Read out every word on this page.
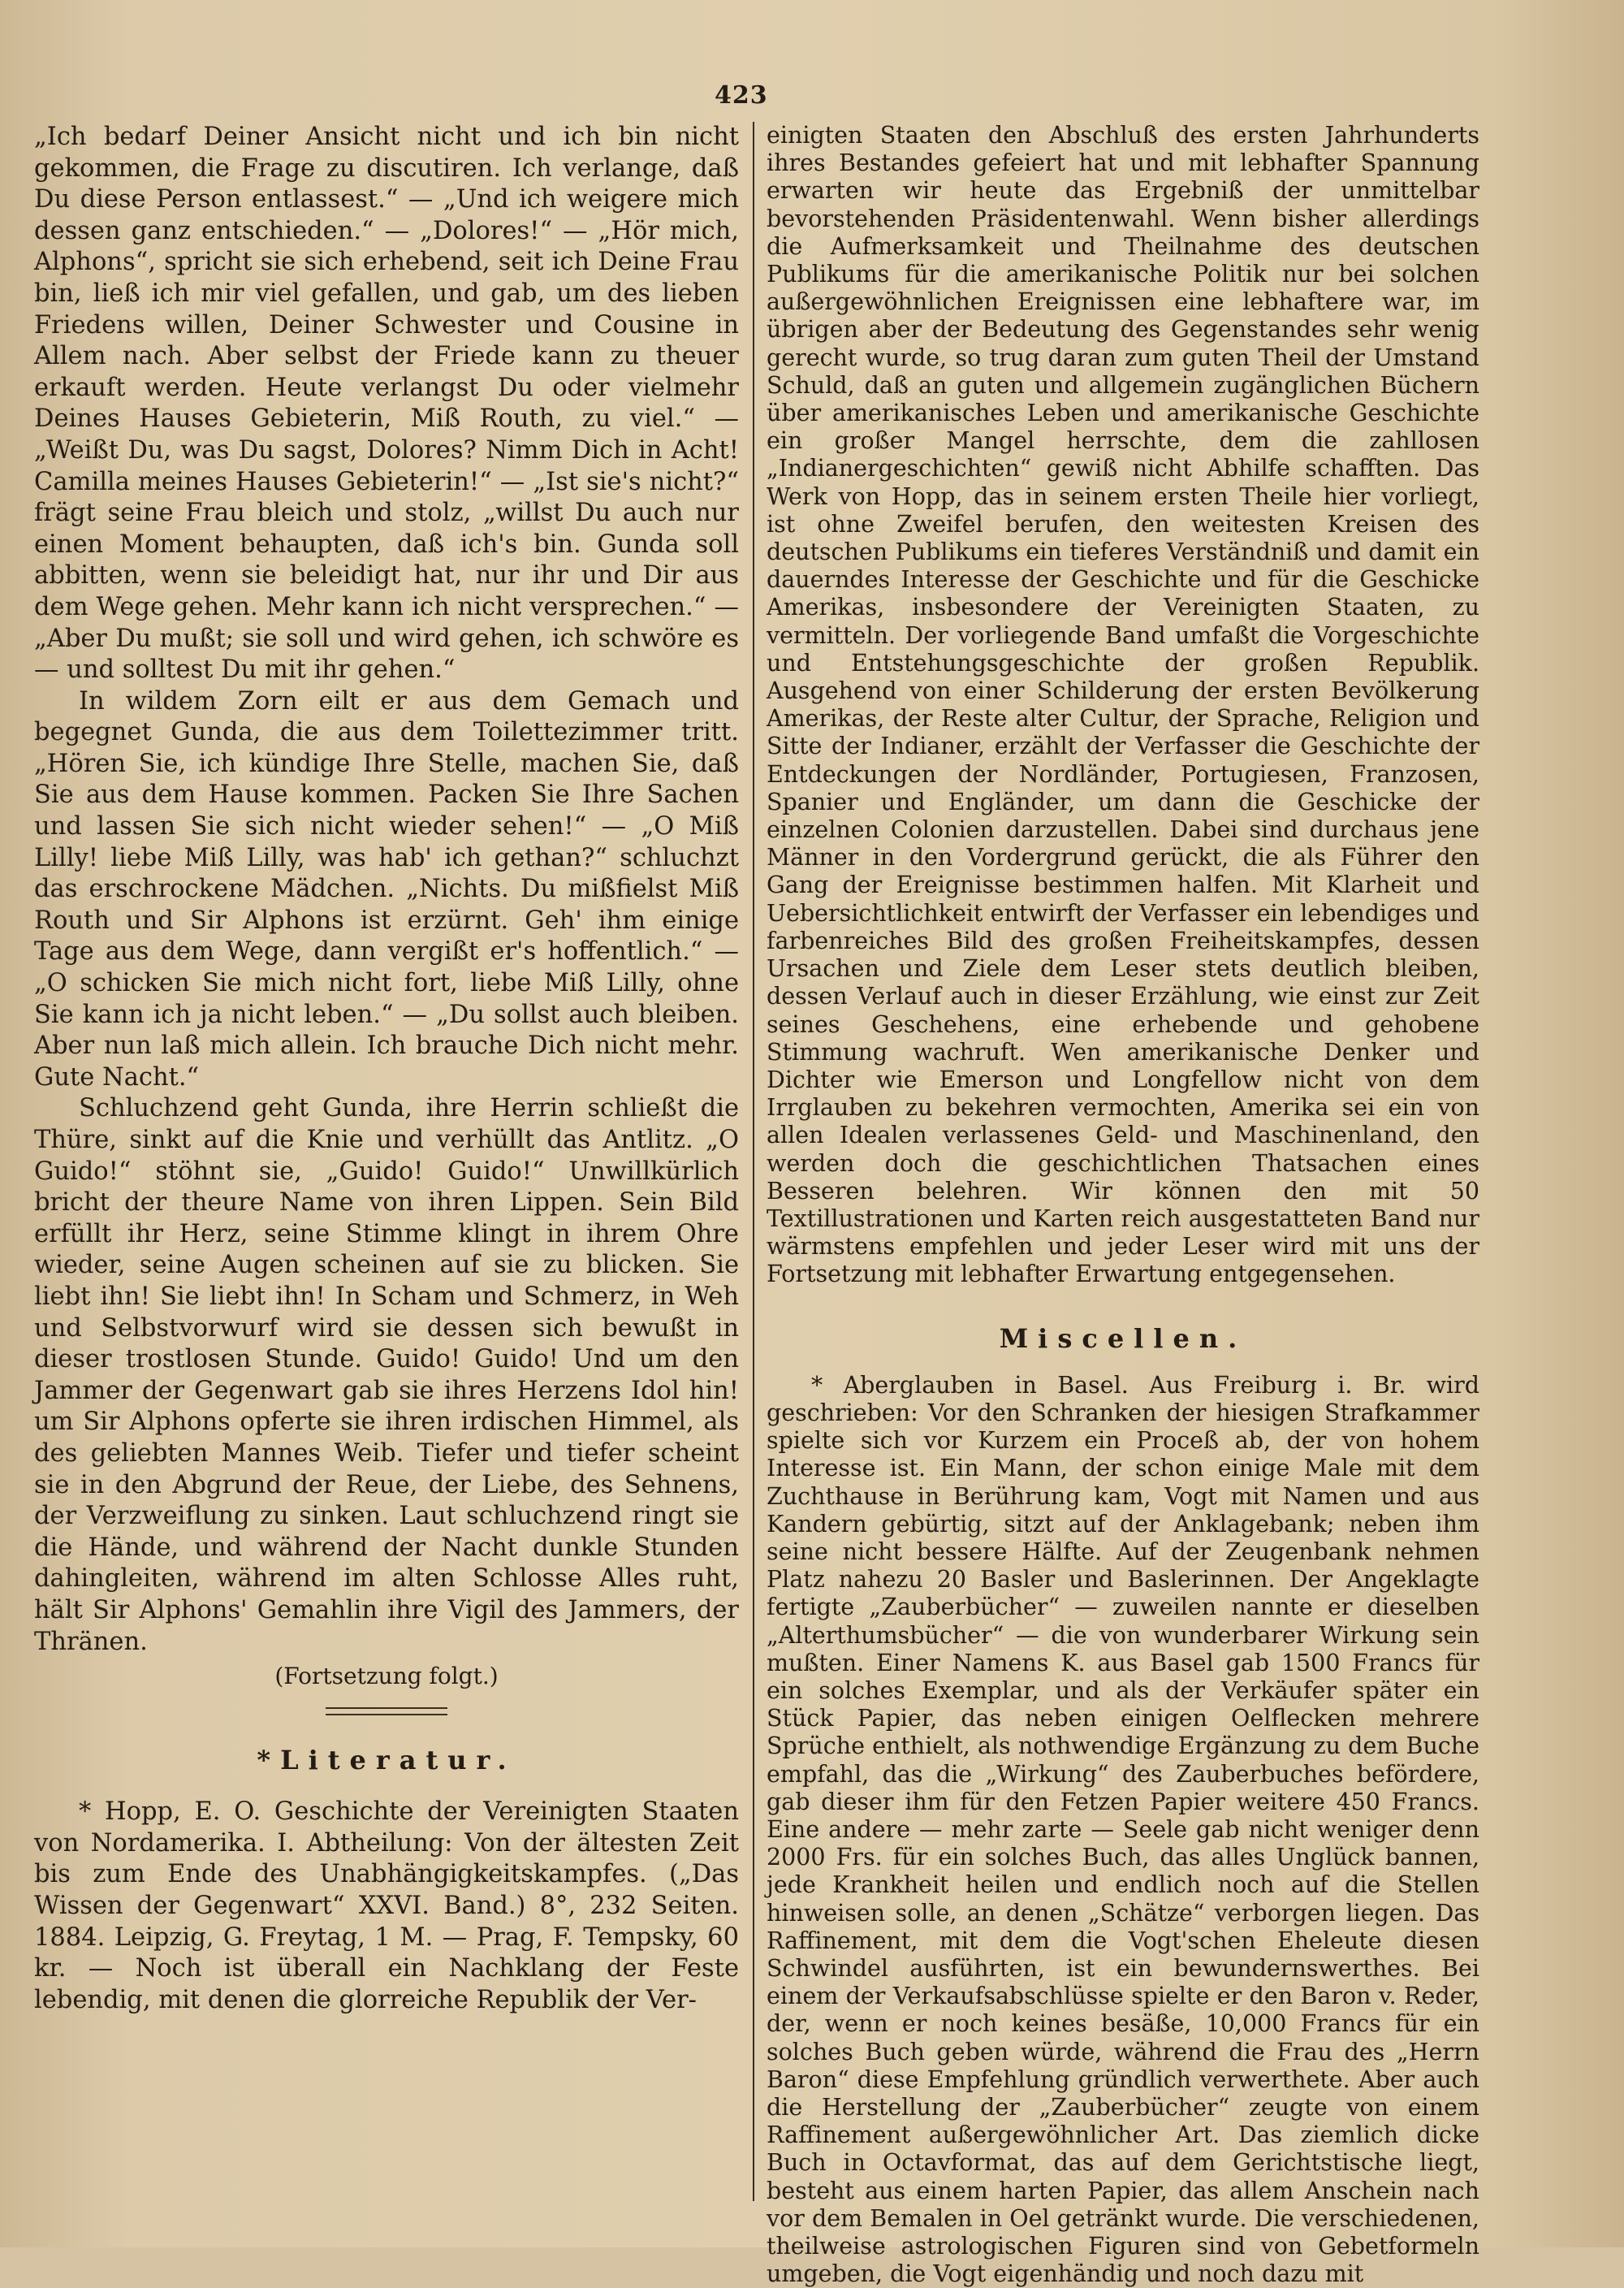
423

„Ich bedarf Deiner Ansicht nicht und ich bin nicht gekommen, die Frage zu discutiren. Ich verlange, daß Du diese Person entlassest.“ — „Und ich weigere mich dessen ganz entschieden.“ — „Dolores!“ — „Hör mich, Alphons“, spricht sie sich erhebend, seit ich Deine Frau bin, ließ ich mir viel gefallen, und gab, um des lieben Friedens willen, Deiner Schwester und Cousine in Allem nach. Aber selbst der Friede kann zu theuer erkauft werden. Heute verlangst Du oder vielmehr Deines Hauses Gebieterin, Miß Routh, zu viel.“ — „Weißt Du, was Du sagst, Dolores? Nimm Dich in Acht! Camilla meines Hauses Gebieterin!“ — „Ist sie's nicht?“ frägt seine Frau bleich und stolz, „willst Du auch nur einen Moment behaupten, daß ich's bin. Gunda soll abbitten, wenn sie beleidigt hat, nur ihr und Dir aus dem Wege gehen. Mehr kann ich nicht versprechen.“ — „Aber Du mußt; sie soll und wird gehen, ich schwöre es — und solltest Du mit ihr gehen.“

In wildem Zorn eilt er aus dem Gemach und begegnet Gunda, die aus dem Toilettezimmer tritt. „Hören Sie, ich kündige Ihre Stelle, machen Sie, daß Sie aus dem Hause kommen. Packen Sie Ihre Sachen und lassen Sie sich nicht wieder sehen!“ — „O Miß Lilly! liebe Miß Lilly, was hab' ich gethan?“ schluchzt das erschrockene Mädchen. „Nichts. Du mißfielst Miß Routh und Sir Alphons ist erzürnt. Geh' ihm einige Tage aus dem Wege, dann vergißt er's hoffentlich.“ — „O schicken Sie mich nicht fort, liebe Miß Lilly, ohne Sie kann ich ja nicht leben.“ — „Du sollst auch bleiben. Aber nun laß mich allein. Ich brauche Dich nicht mehr. Gute Nacht.“

Schluchzend geht Gunda, ihre Herrin schließt die Thüre, sinkt auf die Knie und verhüllt das Antlitz. „O Guido!“ stöhnt sie, „Guido! Guido!“ Unwillkürlich bricht der theure Name von ihren Lippen. Sein Bild erfüllt ihr Herz, seine Stimme klingt in ihrem Ohre wieder, seine Augen scheinen auf sie zu blicken. Sie liebt ihn! Sie liebt ihn! In Scham und Schmerz, in Weh und Selbstvorwurf wird sie dessen sich bewußt in dieser trostlosen Stunde. Guido! Guido! Und um den Jammer der Gegenwart gab sie ihres Herzens Idol hin! um Sir Alphons opferte sie ihren irdischen Himmel, als des geliebten Mannes Weib. Tiefer und tiefer scheint sie in den Abgrund der Reue, der Liebe, des Sehnens, der Verzweiflung zu sinken. Laut schluchzend ringt sie die Hände, und während der Nacht dunkle Stunden dahingleiten, während im alten Schlosse Alles ruht, hält Sir Alphons' Gemahlin ihre Vigil des Jammers, der Thränen.

(Fortsetzung folgt.)

*Literatur.

* Hopp, E. O. Geschichte der Vereinigten Staaten von Nordamerika. I. Abtheilung: Von der ältesten Zeit bis zum Ende des Unabhängigkeitskampfes. („Das Wissen der Gegenwart“ XXVI. Band.) 8°, 232 Seiten. 1884. Leipzig, G. Freytag, 1 M. — Prag, F. Tempsky, 60 kr. — Noch ist überall ein Nachklang der Feste lebendig, mit denen die glorreiche Republik der Ver-

einigten Staaten den Abschluß des ersten Jahrhunderts ihres Bestandes gefeiert hat und mit lebhafter Spannung erwarten wir heute das Ergebniß der unmittelbar bevorstehenden Präsidentenwahl. Wenn bisher allerdings die Aufmerksamkeit und Theilnahme des deutschen Publikums für die amerikanische Politik nur bei solchen außergewöhnlichen Ereignissen eine lebhaftere war, im übrigen aber der Bedeutung des Gegenstandes sehr wenig gerecht wurde, so trug daran zum guten Theil der Umstand Schuld, daß an guten und allgemein zugänglichen Büchern über amerikanisches Leben und amerikanische Geschichte ein großer Mangel herrschte, dem die zahllosen „Indianergeschichten“ gewiß nicht Abhilfe schafften. Das Werk von Hopp, das in seinem ersten Theile hier vorliegt, ist ohne Zweifel berufen, den weitesten Kreisen des deutschen Publikums ein tieferes Verständniß und damit ein dauerndes Interesse der Geschichte und für die Geschicke Amerikas, insbesondere der Vereinigten Staaten, zu vermitteln. Der vorliegende Band umfaßt die Vorgeschichte und Entstehungsgeschichte der großen Republik. Ausgehend von einer Schilderung der ersten Bevölkerung Amerikas, der Reste alter Cultur, der Sprache, Religion und Sitte der Indianer, erzählt der Verfasser die Geschichte der Entdeckungen der Nordländer, Portugiesen, Franzosen, Spanier und Engländer, um dann die Geschicke der einzelnen Colonien darzustellen. Dabei sind durchaus jene Männer in den Vordergrund gerückt, die als Führer den Gang der Ereignisse bestimmen halfen. Mit Klarheit und Uebersichtlichkeit entwirft der Verfasser ein lebendiges und farbenreiches Bild des großen Freiheitskampfes, dessen Ursachen und Ziele dem Leser stets deutlich bleiben, dessen Verlauf auch in dieser Erzählung, wie einst zur Zeit seines Geschehens, eine erhebende und gehobene Stimmung wachruft. Wen amerikanische Denker und Dichter wie Emerson und Longfellow nicht von dem Irrglauben zu bekehren vermochten, Amerika sei ein von allen Idealen verlassenes Geld- und Maschinenland, den werden doch die geschichtlichen Thatsachen eines Besseren belehren. Wir können den mit 50 Textillustrationen und Karten reich ausgestatteten Band nur wärmstens empfehlen und jeder Leser wird mit uns der Fortsetzung mit lebhafter Erwartung entgegensehen.

Miscellen.

* Aberglauben in Basel. Aus Freiburg i. Br. wird geschrieben: Vor den Schranken der hiesigen Strafkammer spielte sich vor Kurzem ein Proceß ab, der von hohem Interesse ist. Ein Mann, der schon einige Male mit dem Zuchthause in Berührung kam, Vogt mit Namen und aus Kandern gebürtig, sitzt auf der Anklagebank; neben ihm seine nicht bessere Hälfte. Auf der Zeugenbank nehmen Platz nahezu 20 Basler und Baslerinnen. Der Angeklagte fertigte „Zauberbücher“ — zuweilen nannte er dieselben „Alterthumsbücher“ — die von wunderbarer Wirkung sein mußten. Einer Namens K. aus Basel gab 1500 Francs für ein solches Exemplar, und als der Verkäufer später ein Stück Papier, das neben einigen Oelflecken mehrere Sprüche enthielt, als nothwendige Ergänzung zu dem Buche empfahl, das die „Wirkung“ des Zauberbuches befördere, gab dieser ihm für den Fetzen Papier weitere 450 Francs. Eine andere — mehr zarte — Seele gab nicht weniger denn 2000 Frs. für ein solches Buch, das alles Unglück bannen, jede Krankheit heilen und endlich noch auf die Stellen hinweisen solle, an denen „Schätze“ verborgen liegen. Das Raffinement, mit dem die Vogt'schen Eheleute diesen Schwindel ausführten, ist ein bewundernswerthes. Bei einem der Verkaufsabschlüsse spielte er den Baron v. Reder, der, wenn er noch keines besäße, 10,000 Francs für ein solches Buch geben würde, während die Frau des „Herrn Baron“ diese Empfehlung gründlich verwerthete. Aber auch die Herstellung der „Zauberbücher“ zeugte von einem Raffinement außergewöhnlicher Art. Das ziemlich dicke Buch in Octavformat, das auf dem Gerichtstische liegt, besteht aus einem harten Papier, das allem Anschein nach vor dem Bemalen in Oel getränkt wurde. Die verschiedenen, theilweise astrologischen Figuren sind von Gebetformeln umgeben, die Vogt eigenhändig und noch dazu mit
